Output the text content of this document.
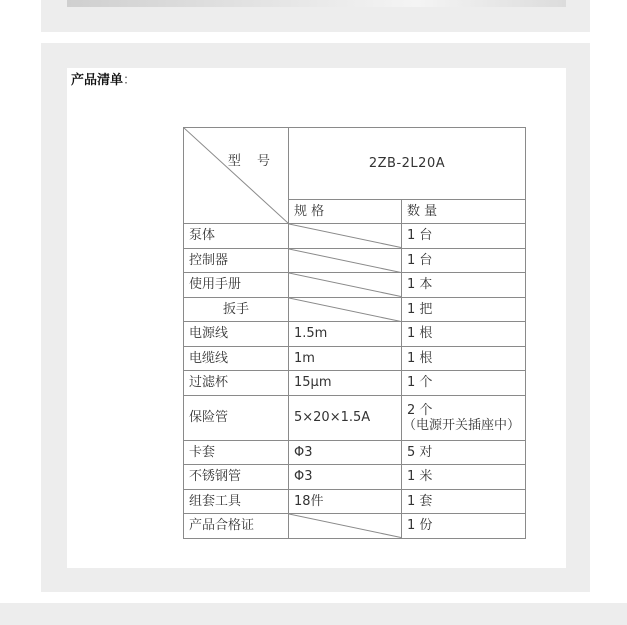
产品清单：
型 号	2ZB-2L20A	
	规 格	数 量
泵体		1 台
控制器		1 台
使用手册		1 本
扳手		1 把
电源线	1.5m	1 根
电缆线	1m	1 根
过滤杯	15μm	1 个
保险管	5×20×1.5A	2 个
（电源开关插座中）

卡套	Φ3	5 对
不锈钢管	Φ3	1 米
组套工具	18件	1 套
产品合格证		1 份
